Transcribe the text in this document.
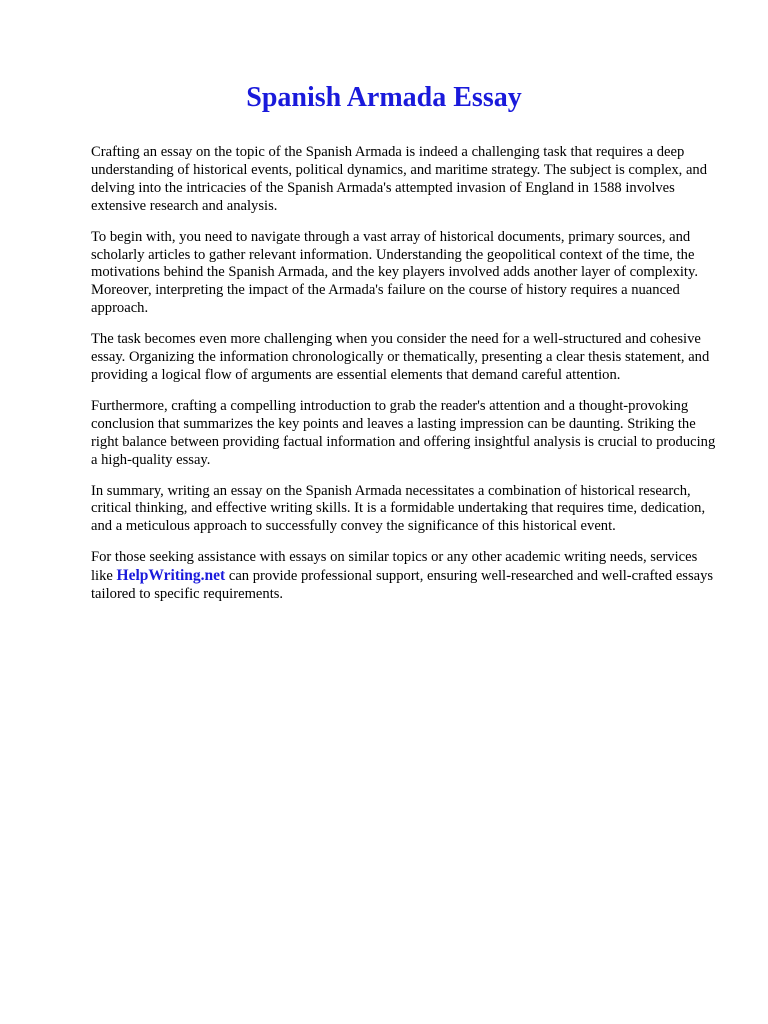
Spanish Armada Essay

Crafting an essay on the topic of the Spanish Armada is indeed a challenging task that requires a deep understanding of historical events, political dynamics, and maritime strategy. The subject is complex, and delving into the intricacies of the Spanish Armada's attempted invasion of England in 1588 involves extensive research and analysis.

To begin with, you need to navigate through a vast array of historical documents, primary sources, and scholarly articles to gather relevant information. Understanding the geopolitical context of the time, the motivations behind the Spanish Armada, and the key players involved adds another layer of complexity. Moreover, interpreting the impact of the Armada's failure on the course of history requires a nuanced approach.

The task becomes even more challenging when you consider the need for a well-structured and cohesive essay. Organizing the information chronologically or thematically, presenting a clear thesis statement, and providing a logical flow of arguments are essential elements that demand careful attention.

Furthermore, crafting a compelling introduction to grab the reader's attention and a thought-provoking conclusion that summarizes the key points and leaves a lasting impression can be daunting. Striking the right balance between providing factual information and offering insightful analysis is crucial to producing a high-quality essay.

In summary, writing an essay on the Spanish Armada necessitates a combination of historical research, critical thinking, and effective writing skills. It is a formidable undertaking that requires time, dedication, and a meticulous approach to successfully convey the significance of this historical event.

For those seeking assistance with essays on similar topics or any other academic writing needs, services like HelpWriting.net can provide professional support, ensuring well-researched and well-crafted essays tailored to specific requirements.
